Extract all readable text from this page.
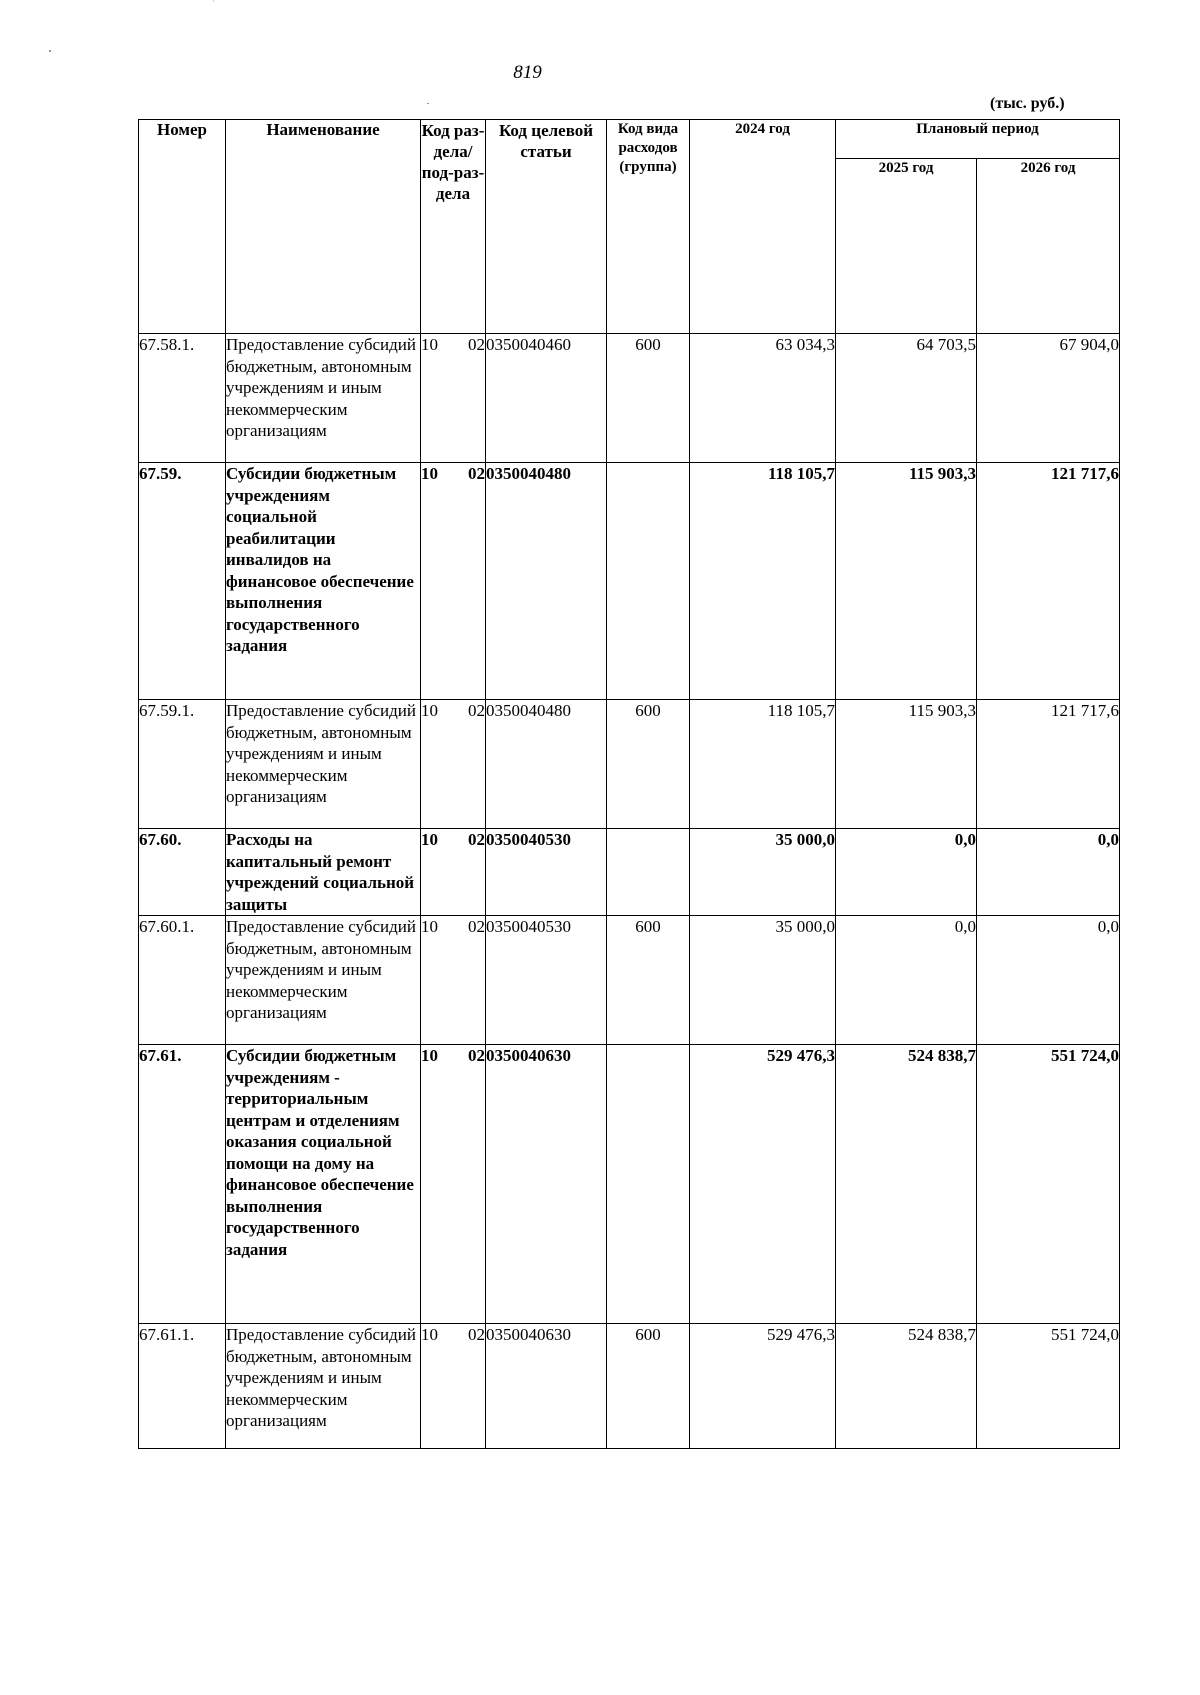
819
(тыс. руб.)
Номер	Наименование	Код раз-дела/ под-раз-дела	Код целевой статьи	Код вида расходов (группа)	2024 год	Плановый период	
						2025 год	2026 год
67.58.1.	Предоставление субсидий бюджетным, автономным учреждениям и иным некоммерческим организациям	10 02	0350040460	600	63 034,3	64 703,5	67 904,0
67.59.	Субсидии бюджетным учреждениям социальной реабилитации инвалидов на финансовое обеспечение выполнения государственного задания	10 02	0350040480		118 105,7	115 903,3	121 717,6
67.59.1.	Предоставление субсидий бюджетным, автономным учреждениям и иным некоммерческим организациям	10 02	0350040480	600	118 105,7	115 903,3	121 717,6
67.60.	Расходы на капитальный ремонт учреждений социальной защиты	10 02	0350040530		35 000,0	0,0	0,0
67.60.1.	Предоставление субсидий бюджетным, автономным учреждениям и иным некоммерческим организациям	10 02	0350040530	600	35 000,0	0,0	0,0
67.61.	Субсидии бюджетным учреждениям - территориальным центрам и отделениям оказания социальной помощи на дому на финансовое обеспечение выполнения государственного задания	10 02	0350040630		529 476,3	524 838,7	551 724,0
67.61.1.	Предоставление субсидий бюджетным, автономным учреждениям и иным некоммерческим организациям	10 02	0350040630	600	529 476,3	524 838,7	551 724,0
